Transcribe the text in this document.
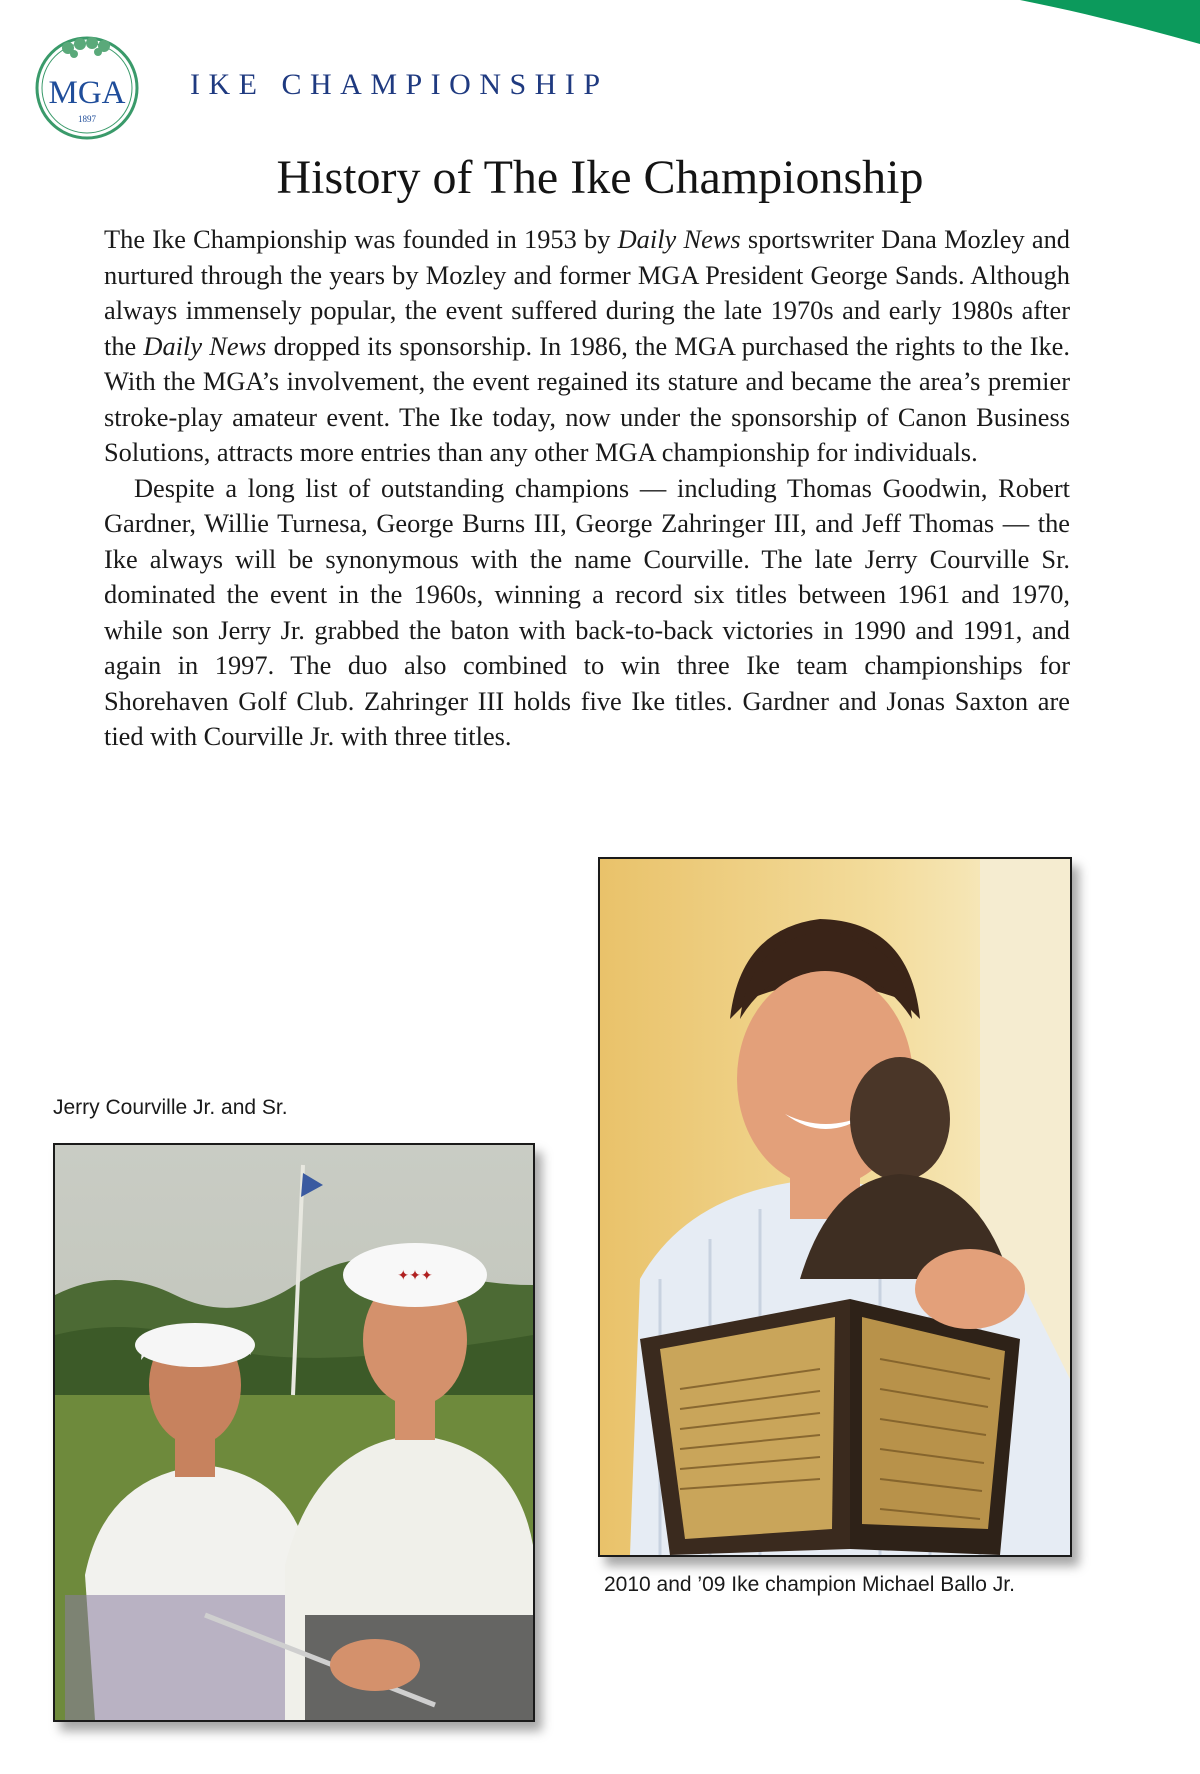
MGA
1897
IKE CHAMPIONSHIP
History of The Ike Championship

The Ike Championship was founded in 1953 by Daily News sportswriter Dana Mozley and nurtured through the years by Mozley and former MGA President George Sands. Although always immensely popular, the event suffered during the late 1970s and early 1980s after the Daily News dropped its sponsorship. In 1986, the MGA purchased the rights to the Ike. With the MGA’s involvement, the event regained its stature and became the area’s premier stroke-play amateur event. The Ike today, now under the sponsorship of Canon Business Solutions, attracts more entries than any other MGA championship for individuals.

Despite a long list of outstanding champions — including Thomas Goodwin, Robert Gardner, Willie Turnesa, George Burns III, George Zahringer III, and Jeff Thomas — the Ike always will be synonymous with the name Courville. The late Jerry Courville Sr. dominated the event in the 1960s, winning a record six titles between 1961 and 1970, while son Jerry Jr. grabbed the baton with back-to-back victories in 1990 and 1991, and again in 1997. The duo also combined to win three Ike team championships for Shorehaven Golf Club. Zahringer III holds five Ike titles. Gardner and Jonas Saxton are tied with Courville Jr. with three titles.

Jerry Courville Jr. and Sr.

✦✦✦

2010 and ’09 Ike champion Michael Ballo Jr.
